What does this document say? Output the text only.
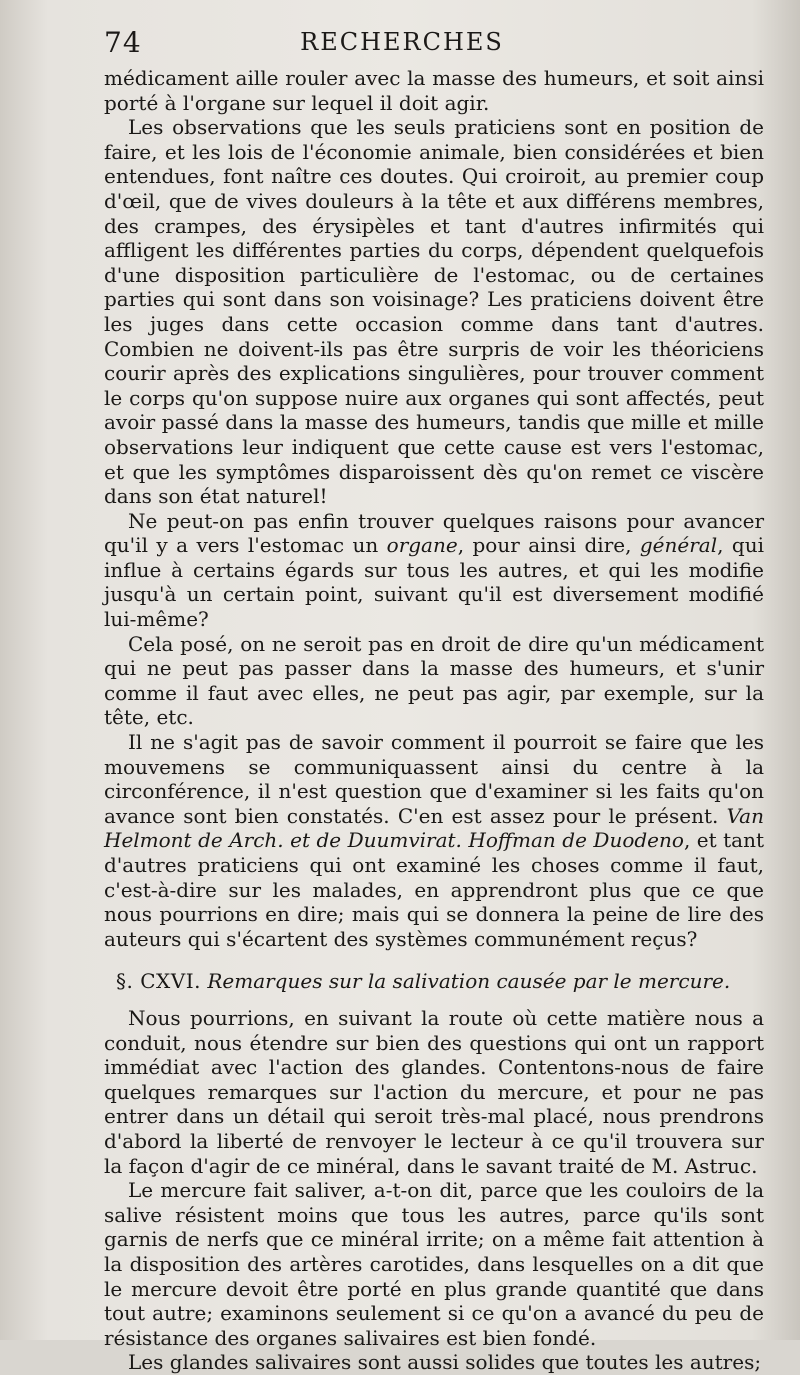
74	RECHERCHES

médicament aille rouler avec la masse des humeurs, et soit ainsi porté à l'organe sur lequel il doit agir.

Les observations que les seuls praticiens sont en position de faire, et les lois de l'économie animale, bien considérées et bien entendues, font naître ces doutes. Qui croiroit, au premier coup d'œil, que de vives douleurs à la tête et aux différens membres, des crampes, des érysipèles et tant d'autres infirmités qui affligent les différentes parties du corps, dépendent quelquefois d'une disposition particulière de l'estomac, ou de certaines parties qui sont dans son voisinage? Les praticiens doivent être les juges dans cette occasion comme dans tant d'autres. Combien ne doivent-ils pas être surpris de voir les théoriciens courir après des explications singulières, pour trouver comment le corps qu'on suppose nuire aux organes qui sont affectés, peut avoir passé dans la masse des humeurs, tandis que mille et mille observations leur indiquent que cette cause est vers l'estomac, et que les symptômes disparoissent dès qu'on remet ce viscère dans son état naturel!

Ne peut-on pas enfin trouver quelques raisons pour avancer qu'il y a vers l'estomac un organe, pour ainsi dire, général, qui influe à certains égards sur tous les autres, et qui les modifie jusqu'à un certain point, suivant qu'il est diversement modifié lui-même?

Cela posé, on ne seroit pas en droit de dire qu'un médicament qui ne peut pas passer dans la masse des humeurs, et s'unir comme il faut avec elles, ne peut pas agir, par exemple, sur la tête, etc.

Il ne s'agit pas de savoir comment il pourroit se faire que les mouvemens se communiquassent ainsi du centre à la circonférence, il n'est question que d'examiner si les faits qu'on avance sont bien constatés. C'en est assez pour le présent. Van Helmont de Arch. et de Duumvirat. Hoffman de Duodeno, et tant d'autres praticiens qui ont examiné les choses comme il faut, c'est-à-dire sur les malades, en apprendront plus que ce que nous pourrions en dire; mais qui se donnera la peine de lire des auteurs qui s'écartent des systèmes communément reçus?

§. CXVI. Remarques sur la salivation causée par le mercure.

Nous pourrions, en suivant la route où cette matière nous a conduit, nous étendre sur bien des questions qui ont un rapport immédiat avec l'action des glandes. Contentons-nous de faire quelques remarques sur l'action du mercure, et pour ne pas entrer dans un détail qui seroit très-mal placé, nous prendrons d'abord la liberté de renvoyer le lecteur à ce qu'il trouvera sur la façon d'agir de ce minéral, dans le savant traité de M. Astruc.

Le mercure fait saliver, a-t-on dit, parce que les couloirs de la salive résistent moins que tous les autres, parce qu'ils sont garnis de nerfs que ce minéral irrite; on a même fait attention à la disposition des artères carotides, dans lesquelles on a dit que le mercure devoit être porté en plus grande quantité que dans tout autre; examinons seulement si ce qu'on a avancé du peu de résistance des organes salivaires est bien fondé.

Les glandes salivaires sont aussi solides que toutes les autres;
